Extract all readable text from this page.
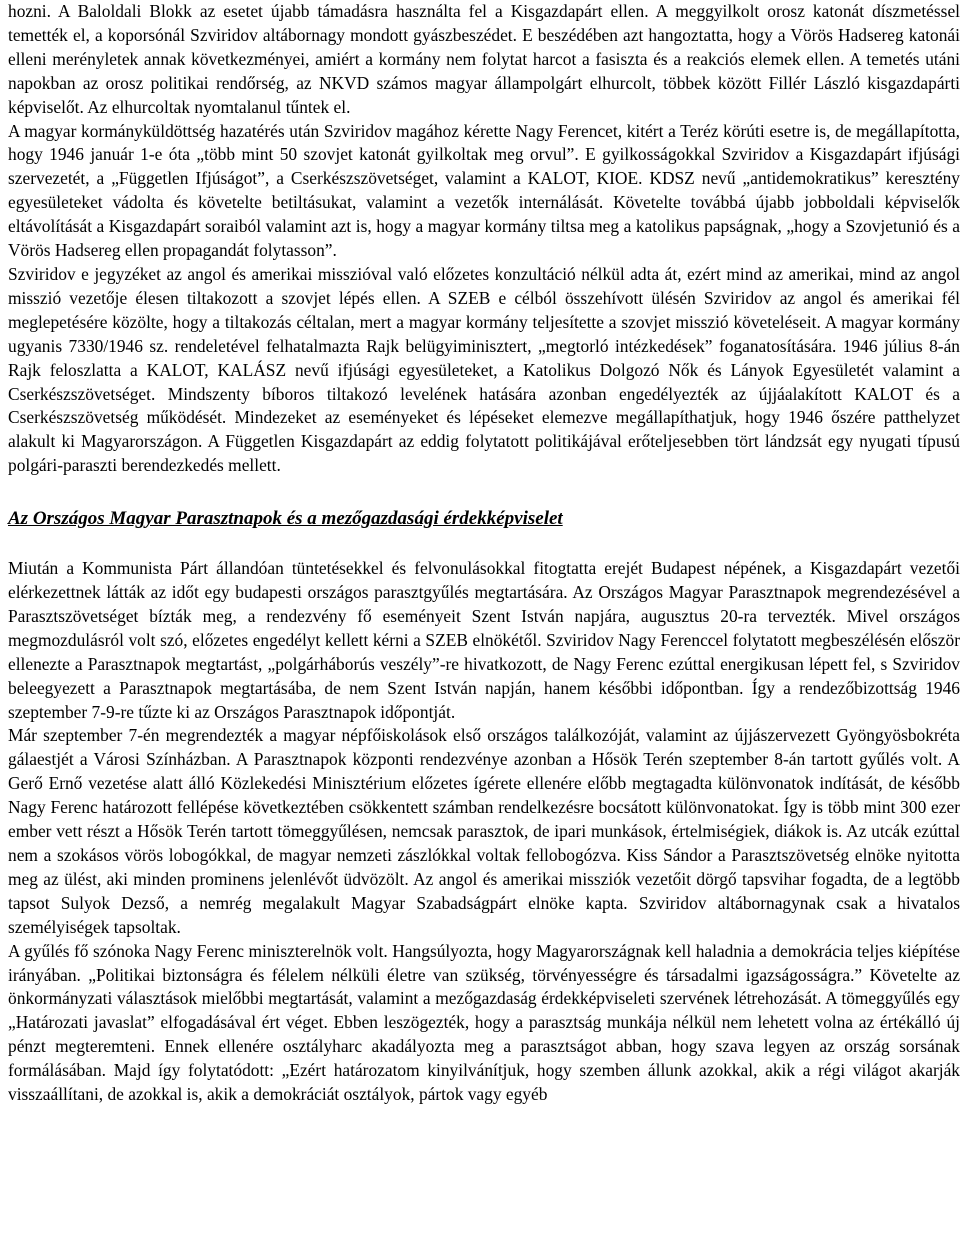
hozni. A Baloldali Blokk az esetet újabb támadásra használta fel a Kisgazdapárt ellen. A meggyilkolt orosz katonát díszmetéssel temették el, a koporsónál Szviridov altábornagy mondott gyászbeszédet. E beszédében azt hangoztatta, hogy a Vörös Hadsereg katonái elleni merényletek annak következményei, amiért a kormány nem folytat harcot a fasiszta és a reakciós elemek ellen. A temetés utáni napokban az orosz politikai rendőrség, az NKVD számos magyar állampolgárt elhurcolt, többek között Fillér László kisgazdapárti képviselőt. Az elhurcoltak nyomtalanul tűntek el.

A magyar kormányküldöttség hazatérés után Szviridov magához kérette Nagy Ferencet, kitért a Teréz körúti esetre is, de megállapította, hogy 1946 január 1-e óta „több mint 50 szovjet katonát gyilkoltak meg orvul”. E gyilkosságokkal Szviridov a Kisgazdapárt ifjúsági szervezetét, a „Független Ifjúságot”, a Cserkészszövetséget, valamint a KALOT, KIOE. KDSZ nevű „antidemokratikus” keresztény egyesületeket vádolta és követelte betiltásukat, valamint a vezetők internálását. Követelte továbbá újabb jobboldali képviselők eltávolítását a Kisgazdapárt soraiból valamint azt is, hogy a magyar kormány tiltsa meg a katolikus papságnak, „hogy a Szovjetunió és a Vörös Hadsereg ellen propagandát folytasson”.

Szviridov e jegyzéket az angol és amerikai misszióval való előzetes konzultáció nélkül adta át, ezért mind az amerikai, mind az angol misszió vezetője élesen tiltakozott a szovjet lépés ellen. A SZEB e célból összehívott ülésén Szviridov az angol és amerikai fél meglepetésére közölte, hogy a tiltakozás céltalan, mert a magyar kormány teljesítette a szovjet misszió követeléseit. A magyar kormány ugyanis 7330/1946 sz. rendeletével felhatalmazta Rajk belügyiminisztert, „megtorló intézkedések” foganatosítására. 1946 július 8-án Rajk feloszlatta a KALOT, KALÁSZ nevű ifjúsági egyesületeket, a Katolikus Dolgozó Nők és Lányok Egyesületét valamint a Cserkészszövetséget. Mindszenty bíboros tiltakozó levelének hatására azonban engedélyezték az újjáalakított KALOT és a Cserkészszövetség működését. Mindezeket az eseményeket és lépéseket elemezve megállapíthatjuk, hogy 1946 őszére patthelyzet alakult ki Magyarországon. A Független Kisgazdapárt az eddig folytatott politikájával erőteljesebben tört lándzsát egy nyugati típusú polgári-paraszti berendezkedés mellett.

Az Országos Magyar Parasztnapok és a mezőgazdasági érdekképviselet

Miután a Kommunista Párt állandóan tüntetésekkel és felvonulásokkal fitogtatta erejét Budapest népének, a Kisgazdapárt vezetői elérkezettnek látták az időt egy budapesti országos parasztgyűlés megtartására. Az Országos Magyar Parasztnapok megrendezésével a Parasztszövetséget bízták meg, a rendezvény fő eseményeit Szent István napjára, augusztus 20-ra tervezték. Mivel országos megmozdulásról volt szó, előzetes engedélyt kellett kérni a SZEB elnökétől. Szviridov Nagy Ferenccel folytatott megbeszélésén először ellenezte a Parasztnapok megtartást, „polgárháborús veszély”-re hivatkozott, de Nagy Ferenc ezúttal energikusan lépett fel, s Szviridov beleegyezett a Parasztnapok megtartásába, de nem Szent István napján, hanem későbbi időpontban. Így a rendezőbizottság 1946 szeptember 7-9-re tűzte ki az Országos Parasztnapok időpontját.

Már szeptember 7-én megrendezték a magyar népfőiskolások első országos találkozóját, valamint az újjászervezett Gyöngyösbokréta gálaestjét a Városi Színházban. A Parasztnapok központi rendezvénye azonban a Hősök Terén szeptember 8-án tartott gyűlés volt. A Gerő Ernő vezetése alatt álló Közlekedési Minisztérium előzetes ígérete ellenére előbb megtagadta különvonatok indítását, de később Nagy Ferenc határozott fellépése következtében csökkentett számban rendelkezésre bocsátott különvonatokat. Így is több mint 300 ezer ember vett részt a Hősök Terén tartott tömeggyűlésen, nemcsak parasztok, de ipari munkások, értelmiségiek, diákok is. Az utcák ezúttal nem a szokásos vörös lobogókkal, de magyar nemzeti zászlókkal voltak fellobogózva. Kiss Sándor a Parasztszövetség elnöke nyitotta meg az ülést, aki minden prominens jelenlévőt üdvözölt. Az angol és amerikai missziók vezetőit dörgő tapsvihar fogadta, de a legtöbb tapsot Sulyok Dezső, a nemrég megalakult Magyar Szabadságpárt elnöke kapta. Szviridov altábornagynak csak a hivatalos személyiségek tapsoltak.

A gyűlés fő szónoka Nagy Ferenc miniszterelnök volt. Hangsúlyozta, hogy Magyarországnak kell haladnia a demokrácia teljes kiépítése irányában. „Politikai biztonságra és félelem nélküli életre van szükség, törvényességre és társadalmi igazságosságra.” Követelte az önkormányzati választások mielőbbi megtartását, valamint a mezőgazdaság érdekképviseleti szervének létrehozását. A tömeggyűlés egy „Határozati javaslat” elfogadásával ért véget. Ebben leszögezték, hogy a parasztság munkája nélkül nem lehetett volna az értékálló új pénzt megteremteni. Ennek ellenére osztályharc akadályozta meg a parasztságot abban, hogy szava legyen az ország sorsának formálásában. Majd így folytatódott: „Ezért határozatom kinyilvánítjuk, hogy szemben állunk azokkal, akik a régi világot akarják visszaállítani, de azokkal is, akik a demokráciát osztályok, pártok vagy egyéb
